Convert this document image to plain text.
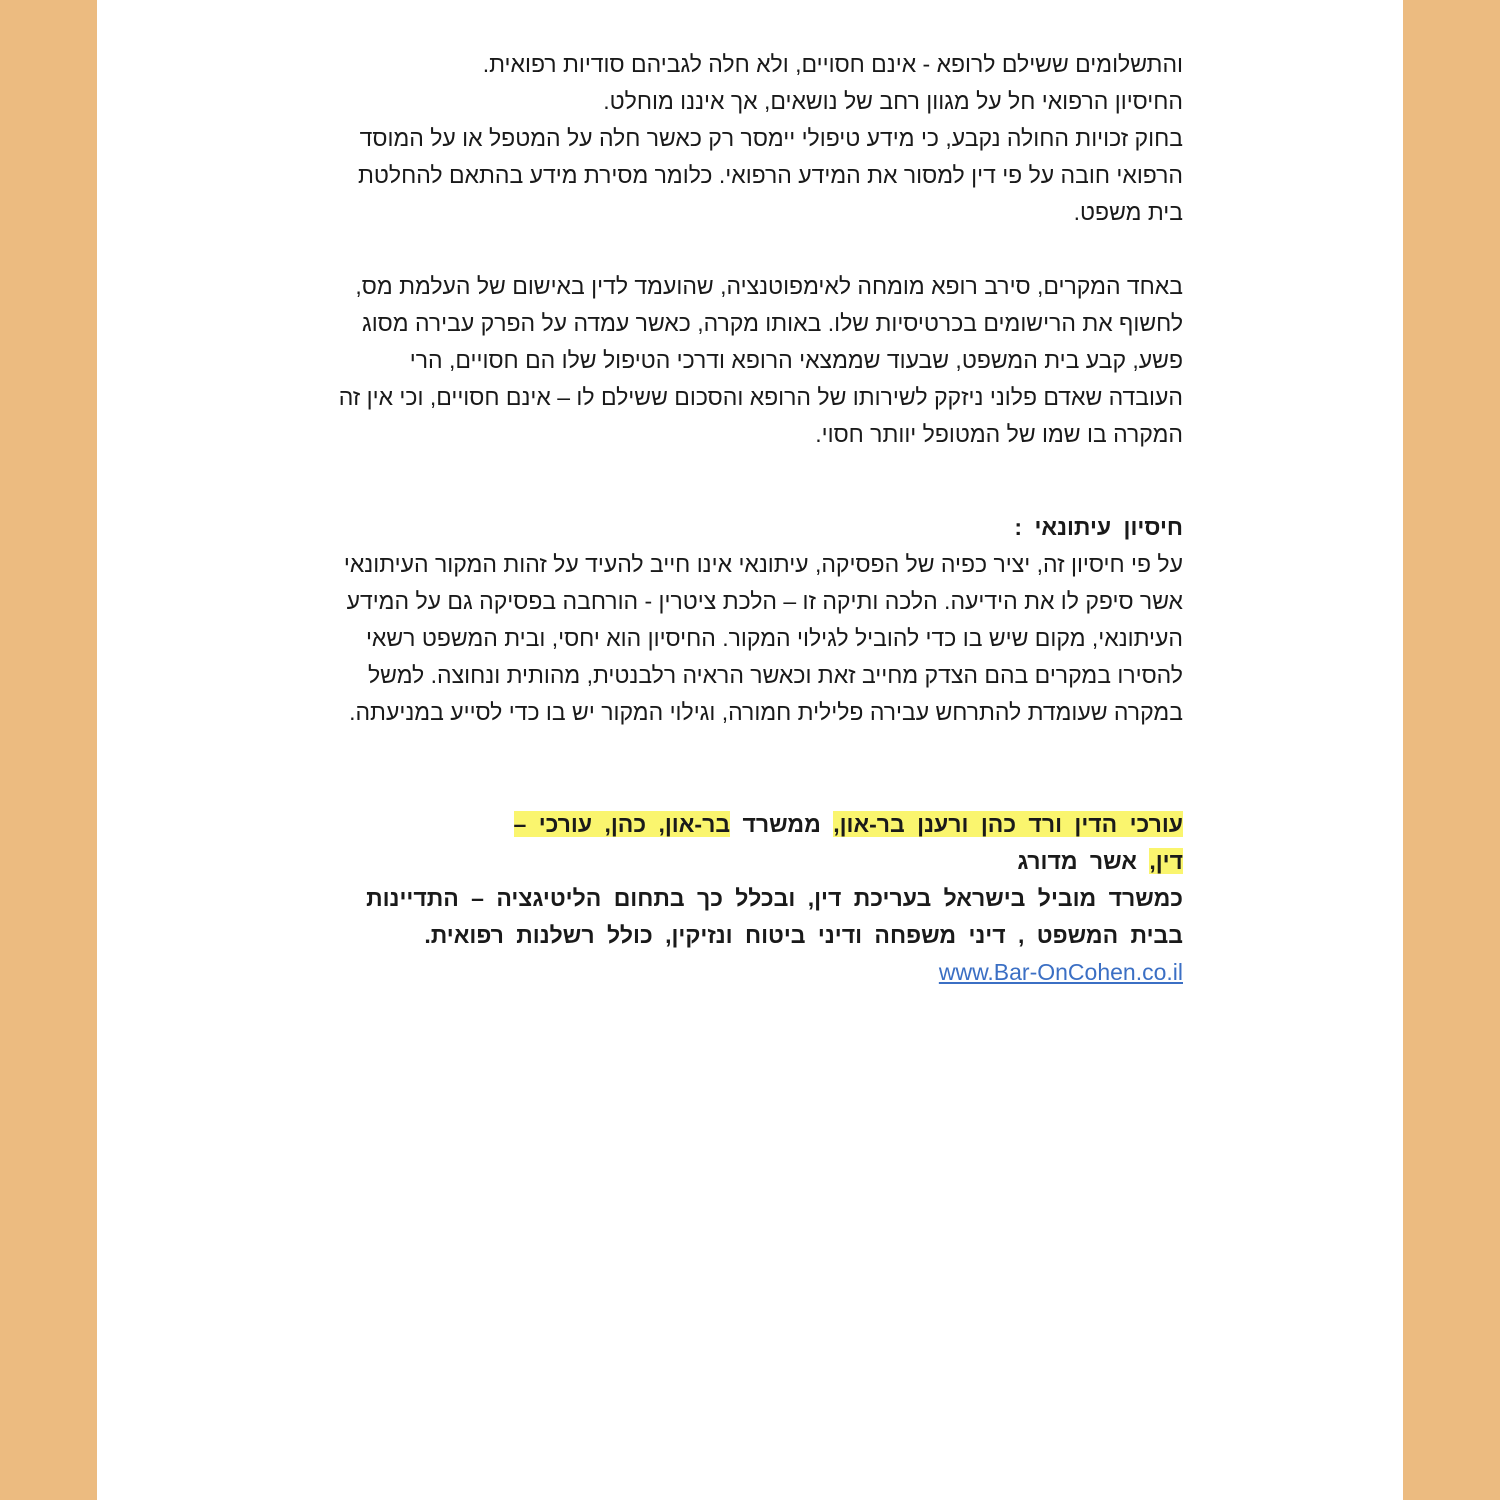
והתשלומים ששילם לרופא - אינם חסויים, ולא חלה לגביהם סודיות רפואית.
החיסיון הרפואי חל על מגוון רחב של נושאים, אך איננו מוחלט.
בחוק זכויות החולה נקבע, כי מידע טיפולי יימסר רק כאשר חלה על המטפל או על המוסד
הרפואי חובה על פי דין למסור את המידע הרפואי. כלומר מסירת מידע בהתאם להחלטת
בית משפט.
באחד המקרים, סירב רופא מומחה לאימפוטנציה, שהועמד לדין באישום של העלמת מס,
לחשוף את הרישומים בכרטיסיות שלו. באותו מקרה, כאשר עמדה על הפרק עבירה מסוג
פשע, קבע בית המשפט, שבעוד שממצאי הרופא ודרכי הטיפול שלו הם חסויים, הרי
העובדה שאדם פלוני ניזקק לשירותו של הרופא והסכום ששילם לו – אינם חסויים, וכי אין זה
המקרה בו שמו של המטופל יוותר חסוי.
חיסיון עיתונאי :
על פי חיסיון זה, יציר כפיה של הפסיקה, עיתונאי אינו חייב להעיד על זהות המקור העיתונאי
אשר סיפק לו את הידיעה. הלכה ותיקה זו – הלכת ציטרין - הורחבה בפסיקה גם על המידע
העיתונאי, מקום שיש בו כדי להוביל לגילוי המקור. החיסיון הוא יחסי, ובית המשפט רשאי
להסירו במקרים בהם הצדק מחייב זאת וכאשר הראיה רלבנטית, מהותית ונחוצה. למשל
במקרה שעומדת להתרחש עבירה פלילית חמורה, וגילוי המקור יש בו כדי לסייע במניעתה.
עורכי הדין ורד כהן ורענן בר-און, ממשרד בר-און, כהן, עורכי –
דין, אשר מדורג
כמשרד מוביל בישראל בעריכת דין, ובכלל כך בתחום הליטיגציה – התדיינות
בבית המשפט , דיני משפחה ודיני ביטוח ונזיקין, כולל רשלנות רפואית.
www.Bar-OnCohen.co.il
